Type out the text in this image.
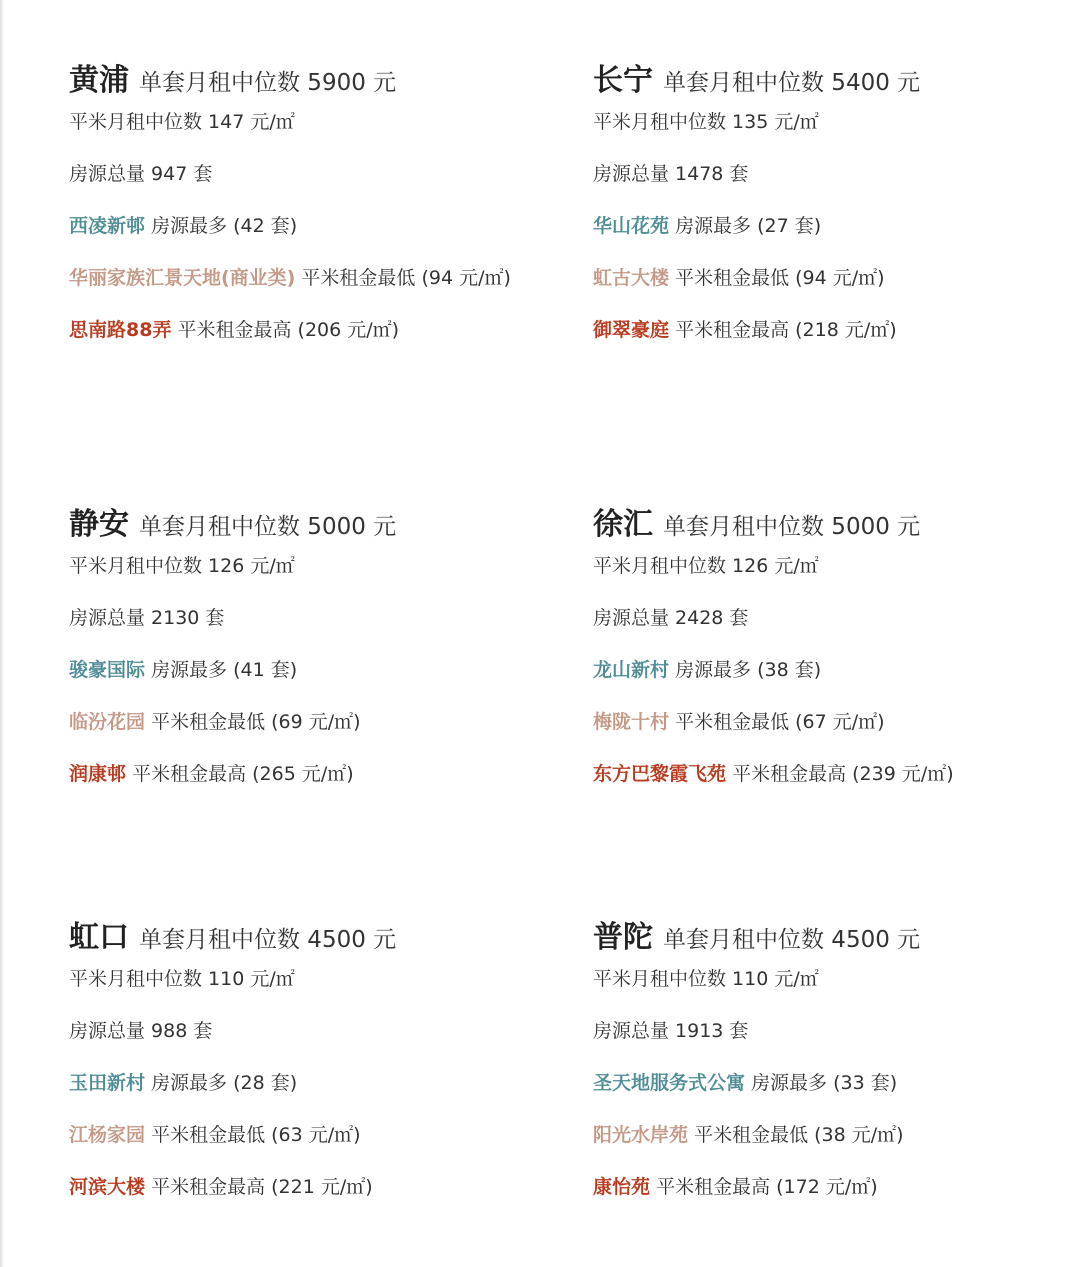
黄浦 单套月租中位数 5900 元
平米月租中位数 147 元/㎡
房源总量 947 套
西凌新邨 房源最多 (42 套)
华丽家族汇景天地(商业类) 平米租金最低 (94 元/㎡)
思南路88弄 平米租金最高 (206 元/㎡)
长宁 单套月租中位数 5400 元
平米月租中位数 135 元/㎡
房源总量 1478 套
华山花苑 房源最多 (27 套)
虹古大楼 平米租金最低 (94 元/㎡)
御翠豪庭 平米租金最高 (218 元/㎡)
静安 单套月租中位数 5000 元
平米月租中位数 126 元/㎡
房源总量 2130 套
骏豪国际 房源最多 (41 套)
临汾花园 平米租金最低 (69 元/㎡)
润康邨 平米租金最高 (265 元/㎡)
徐汇 单套月租中位数 5000 元
平米月租中位数 126 元/㎡
房源总量 2428 套
龙山新村 房源最多 (38 套)
梅陇十村 平米租金最低 (67 元/㎡)
东方巴黎霞飞苑 平米租金最高 (239 元/㎡)
虹口 单套月租中位数 4500 元
平米月租中位数 110 元/㎡
房源总量 988 套
玉田新村 房源最多 (28 套)
江杨家园 平米租金最低 (63 元/㎡)
河滨大楼 平米租金最高 (221 元/㎡)
普陀 单套月租中位数 4500 元
平米月租中位数 110 元/㎡
房源总量 1913 套
圣天地服务式公寓 房源最多 (33 套)
阳光水岸苑 平米租金最低 (38 元/㎡)
康怡苑 平米租金最高 (172 元/㎡)
